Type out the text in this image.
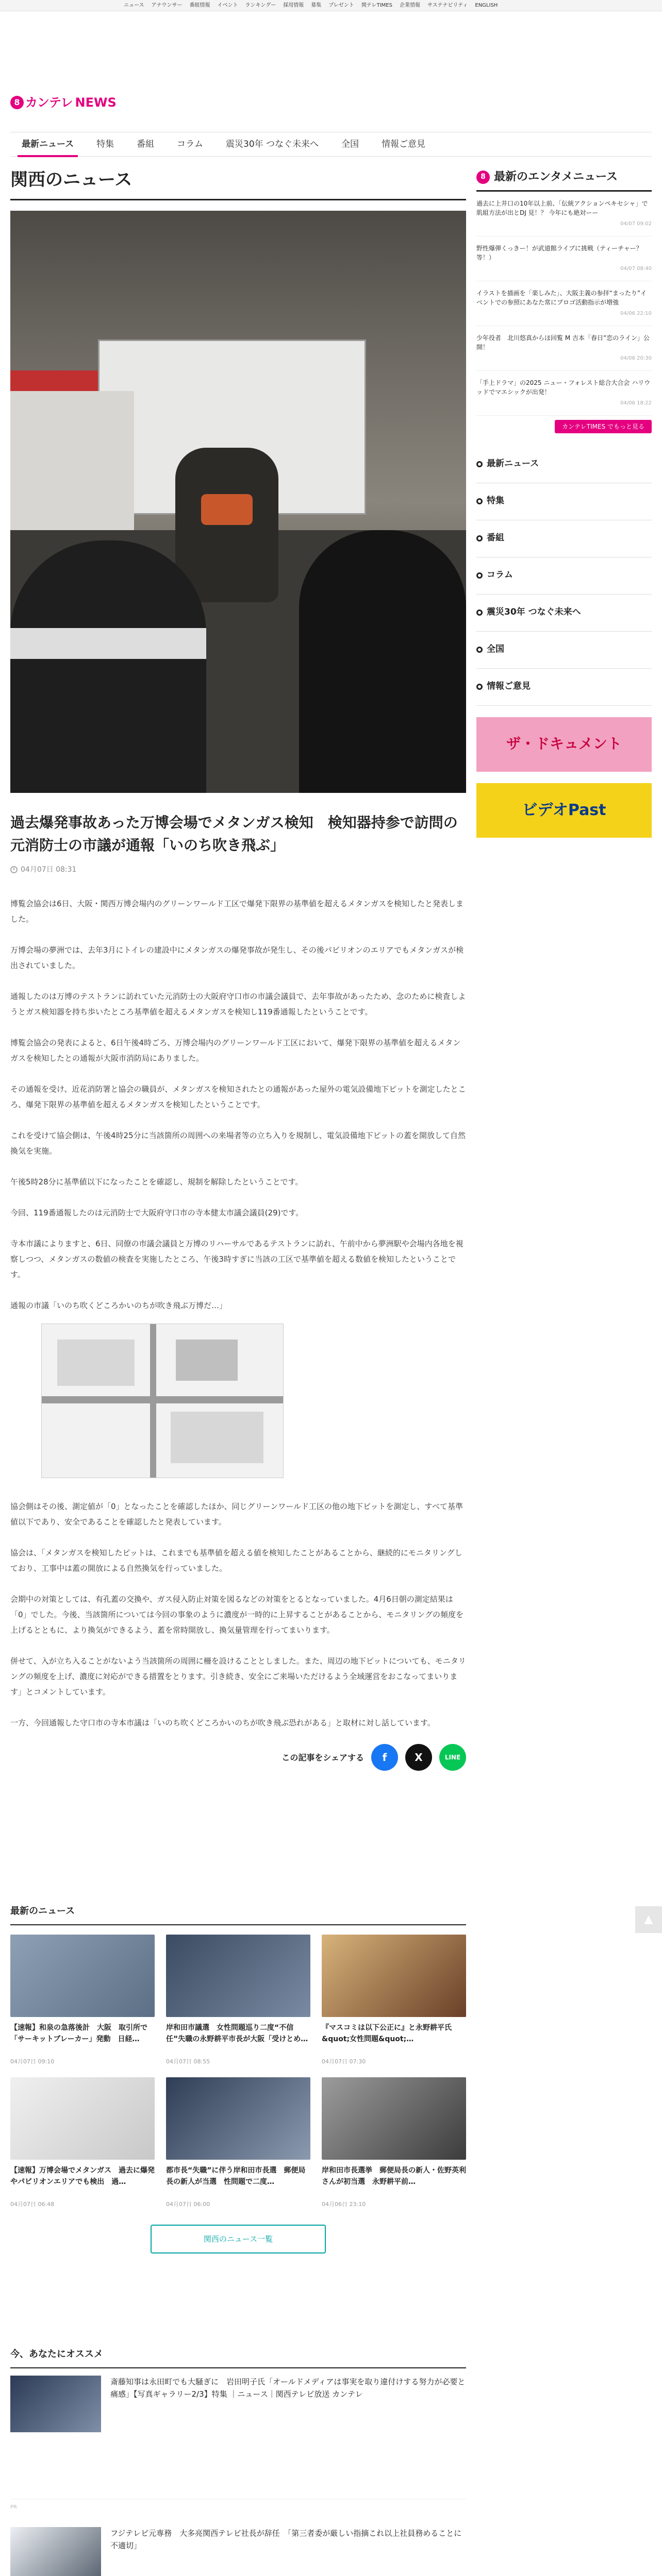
ニュース アナウンサー 番組情報 イベント ランキングー 採用情報 募集 プレゼント 関テレTIMES 企業情報 サステナビリティ ENGLISH
8 カンテレ NEWS
最新ニュース	特集	番組	コラム	震災30年 つなぐ未来へ	全国	情報ご意見
関西のニュース
過去爆発事故あった万博会場でメタンガス検知　検知器持参で訪問の元消防士の市議が通報「いのち吹き飛ぶ」
04月07日 08:31

博覧会協会は6日、大阪・関西万博会場内のグリーンワールド工区で爆発下限界の基準値を超えるメタンガスを検知したと発表しました。

万博会場の夢洲では、去年3月にトイレの建設中にメタンガスの爆発事故が発生し、その後パビリオンのエリアでもメタンガスが検出されていました。

通報したのは万博のテストランに訪れていた元消防士の大阪府守口市の市議会議員で、去年事故があったため、念のために検査しようとガス検知器を持ち歩いたところ基準値を超えるメタンガスを検知し119番通報したということです。

博覧会協会の発表によると、6日午後4時ごろ、万博会場内のグリーンワールド工区において、爆発下限界の基準値を超えるメタンガスを検知したとの通報が大阪市消防局にありました。

その通報を受け、近花消防署と協会の職員が、メタンガスを検知されたとの通報があった屋外の電気設備地下ピットを測定したところ、爆発下限界の基準値を超えるメタンガスを検知したということです。

これを受けて協会側は、午後4時25分に当該箇所の周囲への来場者等の立ち入りを規制し、電気設備地下ピットの蓋を開放して自然換気を実施。

午後5時28分に基準値以下になったことを確認し、規制を解除したということです。

今回、119番通報したのは元消防士で大阪府守口市の寺本健太市議会議員(29)です。

寺本市議によりますと、6日、同僚の市議会議員と万博のリハーサルであるテストランに訪れ、午前中から夢洲駅や会場内各地を視察しつつ、メタンガスの数値の検査を実施したところ、午後3時すぎに当該の工区で基準値を超える数値を検知したということです。

通報の市議「いのち吹くどころかいのちが吹き飛ぶ万博だ…」

協会側はその後、測定値が「0」となったことを確認したほか、同じグリーンワールド工区の他の地下ピットを測定し、すべて基準値以下であり、安全であることを確認したと発表しています。

協会は、「メタンガスを検知したピットは、これまでも基準値を超える値を検知したことがあることから、継続的にモニタリングしており、工事中は蓋の開放による自然換気を行っていました。

会期中の対策としては、有孔蓋の交換や、ガス侵入防止対策を図るなどの対策をとるとなっていました。4月6日朝の測定結果は「0」でした。今後、当該箇所については今回の事象のように濃度が一時的に上昇することがあることから、モニタリングの頻度を上げるとともに、より換気ができるよう、蓋を常時開放し、換気量管理を行ってまいります。

併せて、入が立ち入ることがないよう当該箇所の周囲に柵を設けることとしました。また、周辺の地下ピットについても、モニタリングの頻度を上げ、濃度に対応ができる措置をとります。引き続き、安全にご来場いただけるよう全域運営をおこなってまいります」とコメントしています。

一方、今回通報した守口市の寺本市議は「いのち吹くどころかいのちが吹き飛ぶ恐れがある」と取材に対し話しています。

この記事をシェアする	f	X	LINE
最新のニュース
【速報】和泉の急落後計　大阪　取引所で「サーキットブレーカー」発動　日経…
04月07日 09:10
岸和田市議選　女性問題巡り二度“不信任”失職の永野耕平市長が大阪「受けとめ…
04月07日 08:55
『マスコミは以下公正に』と永野耕平氏　&quot;女性問題&quot;…
04月07日 07:30
【速報】万博会場でメタンガス　過去に爆発やパビリオンエリアでも検出　過…
04月07日 06:48
都市長“失職”に伴う岸和田市長選　郵便局長の新人が当選　性問題で二度…
04月07日 06:00
岸和田市長選挙　郵便局長の新人・佐野英利さんが初当選　永野耕平前…
04月06日 23:10
関西のニュース一覧
今、あなたにオススメ
斎藤知事は永田町でも大騒ぎに　岩田明子氏「オールドメディアは事実を取り違付けする努力が必要と痛感」【写真ギャラリー2/3】特集 ｜ニュース｜関西テレビ放送 カンテレ
PR
フジテレビ元専務　大多亮関西テレビ社長が辞任　「第三者委が厳しい指摘これ以上社員務めることに不適切」
8 最新のエンタメニュース
過去に上井口の10年以上前、「伝統アクションペキセシャ」で肌組方法が出とDJ 見！？ 今年にも絶対ーー
04/07 09:02
野性爆弾くっきー！が武道館ライブに挑戦（ティーチャー？ 等！）
04/07 08:40
イラストを描画を「楽しみた」、大阪主義の参拝“まったり”イベントでの参照にあなた常にプロゴ活動指示が増強
04/06 22:10
少年役者　北川悠真からほ回覧 M 吉本「春日”恋のライン」公開！
04/06 20:30
「手上ドラマ」の2025 ニュー・フォレスト総合大合会 ハリウッドでマエシックが出発！
04/06 18:22
カンテレTIMES でもっと見る
最新ニュース
特集
番組
コラム
震災30年 つなぐ未来へ
全国
情報ご意見
ザ・ドキュメント
ビデオPast
▲
